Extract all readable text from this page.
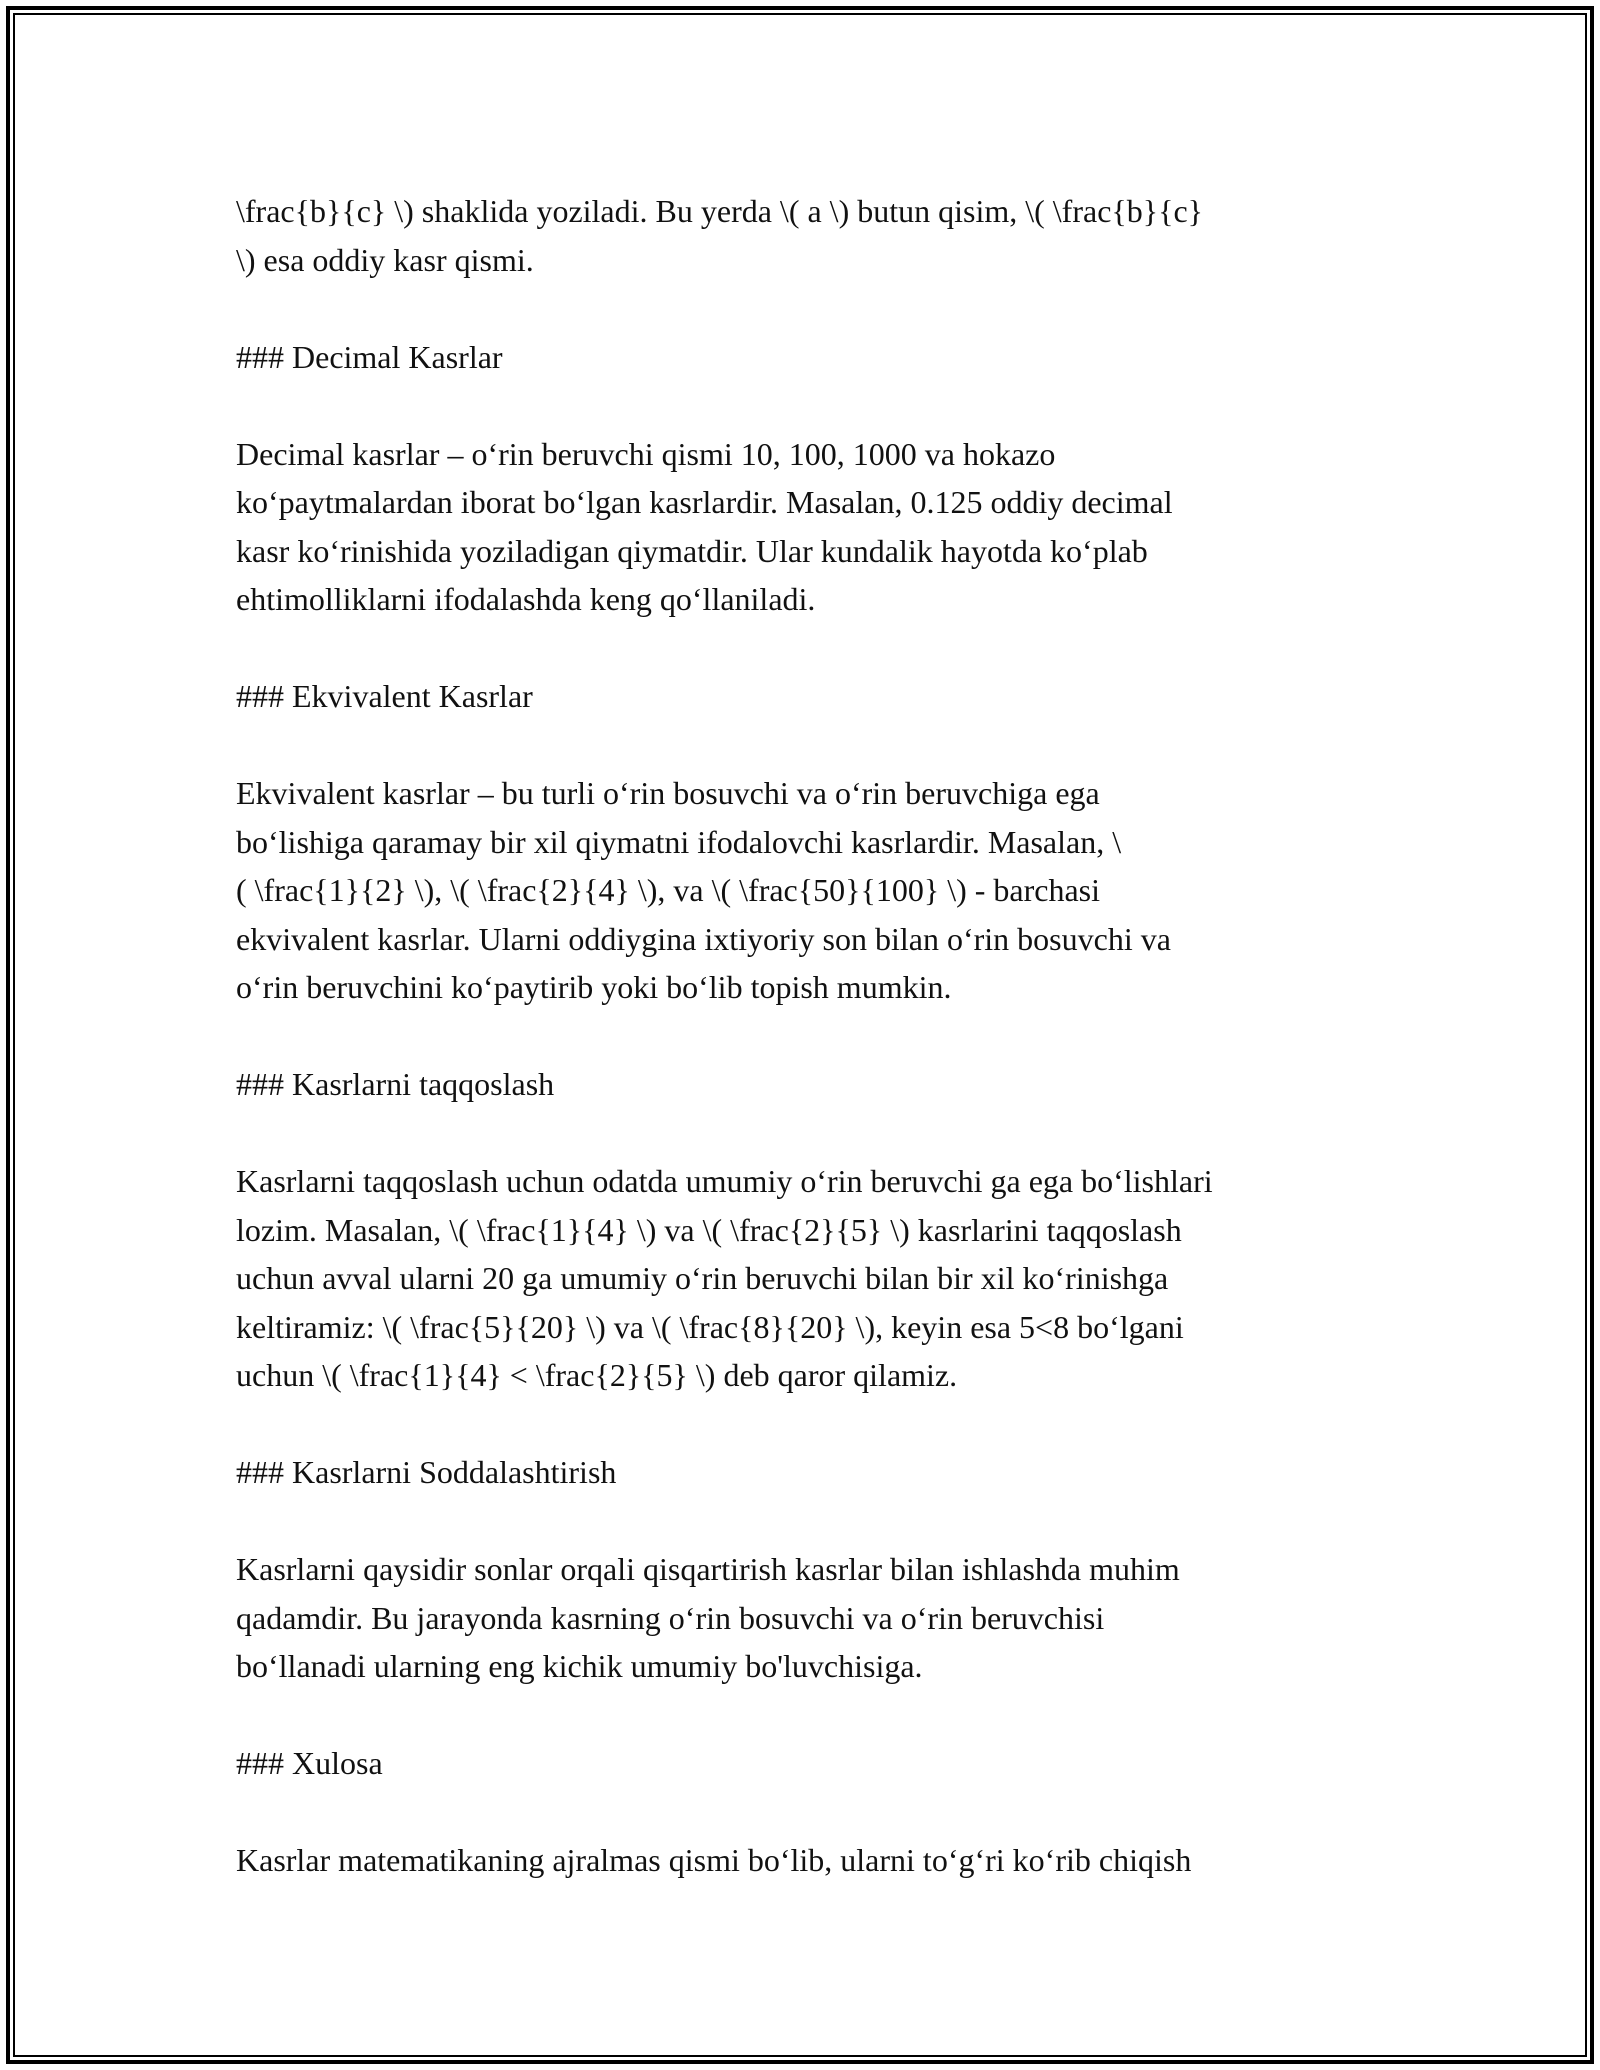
\frac{b}{c} \) shaklida yoziladi. Bu yerda \( a \) butun qisim, \( \frac{b}{c}
\) esa oddiy kasr qismi.
### Decimal Kasrlar
Decimal kasrlar – o‘rin beruvchi qismi 10, 100, 1000 va hokazo
ko‘paytmalardan iborat bo‘lgan kasrlardir. Masalan, 0.125 oddiy decimal
kasr ko‘rinishida yoziladigan qiymatdir. Ular kundalik hayotda ko‘plab
ehtimolliklarni ifodalashda keng qo‘llaniladi.
### Ekvivalent Kasrlar
Ekvivalent kasrlar – bu turli o‘rin bosuvchi va o‘rin beruvchiga ega
bo‘lishiga qaramay bir xil qiymatni ifodalovchi kasrlardir. Masalan, \
( \frac{1}{2} \), \( \frac{2}{4} \), va \( \frac{50}{100} \) - barchasi
ekvivalent kasrlar. Ularni oddiygina ixtiyoriy son bilan o‘rin bosuvchi va
o‘rin beruvchini ko‘paytirib yoki bo‘lib topish mumkin.
### Kasrlarni taqqoslash
Kasrlarni taqqoslash uchun odatda umumiy o‘rin beruvchi ga ega bo‘lishlari
lozim. Masalan, \( \frac{1}{4} \) va \( \frac{2}{5} \) kasrlarini taqqoslash
uchun avval ularni 20 ga umumiy o‘rin beruvchi bilan bir xil ko‘rinishga
keltiramiz: \( \frac{5}{20} \) va \( \frac{8}{20} \), keyin esa 5<8 bo‘lgani
uchun \( \frac{1}{4} < \frac{2}{5} \) deb qaror qilamiz.
### Kasrlarni Soddalashtirish
Kasrlarni qaysidir sonlar orqali qisqartirish kasrlar bilan ishlashda muhim
qadamdir. Bu jarayonda kasrning o‘rin bosuvchi va o‘rin beruvchisi
bo‘llanadi ularning eng kichik umumiy bo'luvchisiga.
### Xulosa
Kasrlar matematikaning ajralmas qismi bo‘lib, ularni to‘g‘ri ko‘rib chiqish
